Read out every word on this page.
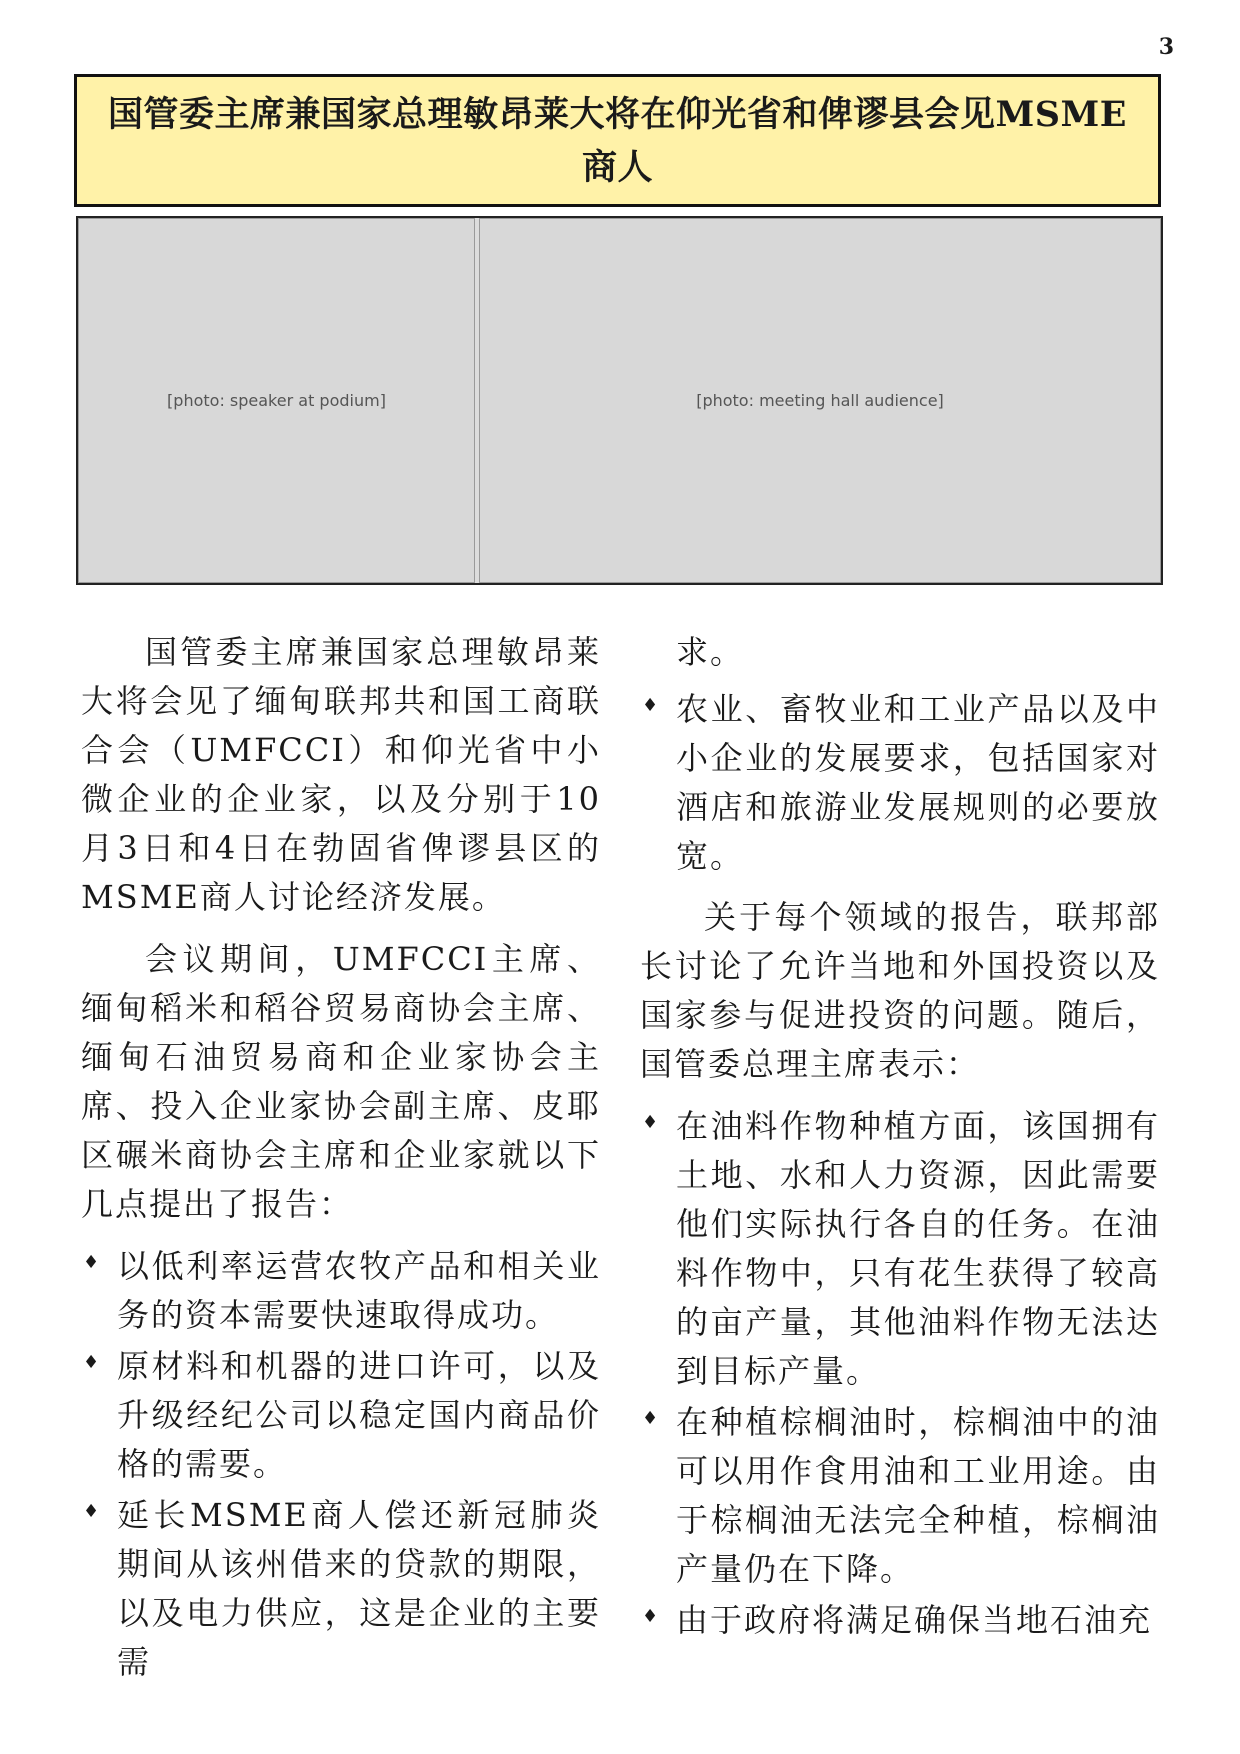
3
国管委主席兼国家总理敏昂莱大将在仰光省和俾谬县会见MSME商人
[photo: speaker at podium]	[photo: meeting hall audience]

国管委主席兼国家总理敏昂莱大将会见了缅甸联邦共和国工商联合会（UMFCCI）和仰光省中小微企业的企业家，以及分别于10月3日和4日在勃固省俾谬县区的MSME商人讨论经济发展。

会议期间，UMFCCI主席、缅甸稻米和稻谷贸易商协会主席、缅甸石油贸易商和企业家协会主席、投入企业家协会副主席、皮耶区碾米商协会主席和企业家就以下几点提出了报告：

♦ 以低利率运营农牧产品和相关业务的资本需要快速取得成功。
♦ 原材料和机器的进口许可，以及升级经纪公司以稳定国内商品价格的需要。
♦ 延长MSME商人偿还新冠肺炎期间从该州借来的贷款的期限，以及电力供应，这是企业的主要需

求。

♦ 农业、畜牧业和工业产品以及中小企业的发展要求，包括国家对酒店和旅游业发展规则的必要放宽。

关于每个领域的报告，联邦部长讨论了允许当地和外国投资以及国家参与促进投资的问题。随后，国管委总理主席表示：

♦ 在油料作物种植方面，该国拥有土地、水和人力资源，因此需要他们实际执行各自的任务。在油料作物中，只有花生获得了较高的亩产量，其他油料作物无法达到目标产量。
♦ 在种植棕榈油时，棕榈油中的油可以用作食用油和工业用途。由于棕榈油无法完全种植，棕榈油产量仍在下降。
♦ 由于政府将满足确保当地石油充
